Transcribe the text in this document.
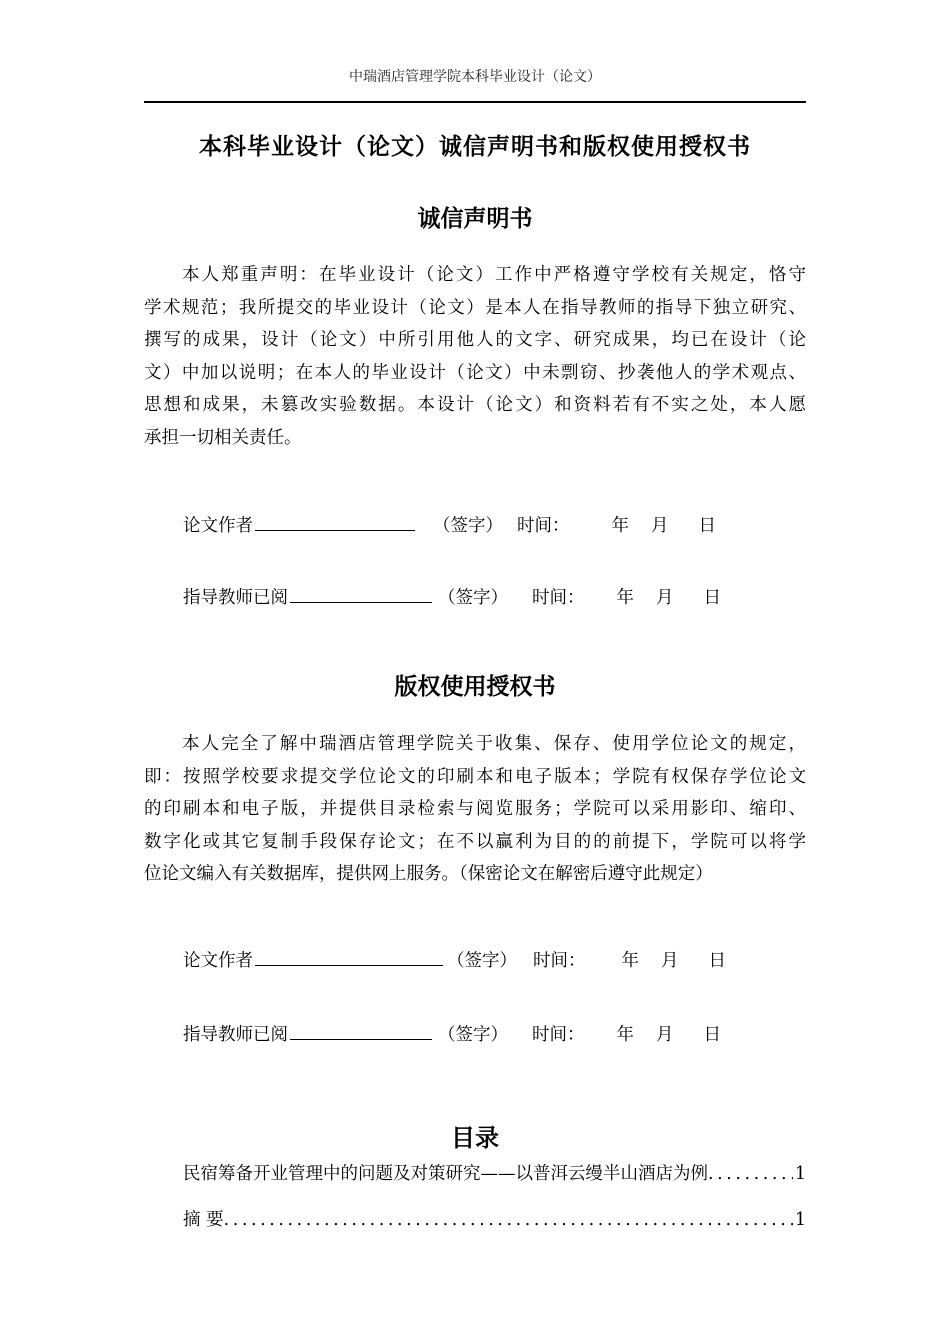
中瑞酒店管理学院本科毕业设计（论文）
本科毕业设计（论文）诚信声明书和版权使用授权书
诚信声明书
本人郑重声明：在毕业设计（论文）工作中严格遵守学校有关规定，恪守
学术规范；我所提交的毕业设计（论文）是本人在指导教师的指导下独立研究、
撰写的成果，设计（论文）中所引用他人的文字、研究成果，均已在设计（论
文）中加以说明；在本人的毕业设计（论文）中未剽窃、抄袭他人的学术观点、
思想和成果，未篡改实验数据。本设计（论文）和资料若有不实之处，本人愿
承担一切相关责任。
论文作者	（签字） 时间： 年 月 日
指导教师已阅	（签字） 时间： 年 月 日
版权使用授权书
本人完全了解中瑞酒店管理学院关于收集、保存、使用学位论文的规定，
即：按照学校要求提交学位论文的印刷本和电子版本；学院有权保存学位论文
的印刷本和电子版，并提供目录检索与阅览服务；学院可以采用影印、缩印、
数字化或其它复制手段保存论文；在不以赢利为目的的前提下，学院可以将学
位论文编入有关数据库，提供网上服务。（保密论文在解密后遵守此规定）
论文作者	（签字） 时间： 年 月 日
指导教师已阅	（签字） 时间： 年 月 日
目录
民宿筹备开业管理中的问题及对策研究——以普洱云缦半山酒店为例 . . .	1
摘 要 . . .	1
